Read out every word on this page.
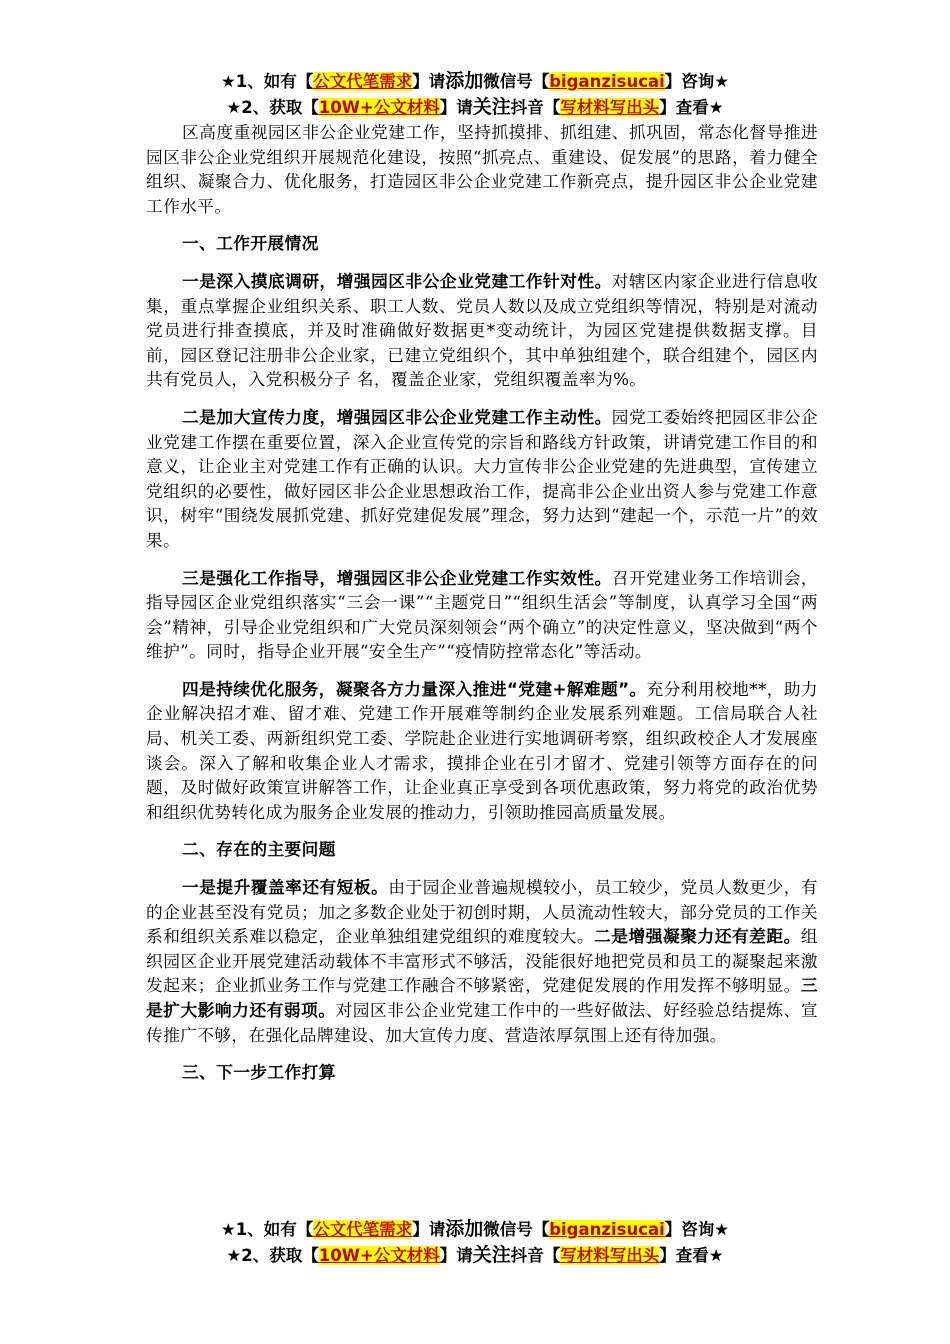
★1、如有【公文代笔需求】请添加微信号【biganzisucai】咨询★
★2、获取【10W+公文材料】请关注抖音【写材料写出头】查看★

区高度重视园区非公企业党建工作，坚持抓摸排、抓组建、抓巩固，常态化督导推进园区非公企业党组织开展规范化建设，按照“抓亮点、重建设、促发展”的思路，着力健全组织、凝聚合力、优化服务，打造园区非公企业党建工作新亮点，提升园区非公企业党建工作水平。

一、工作开展情况

一是深入摸底调研，增强园区非公企业党建工作针对性。对辖区内家企业进行信息收集，重点掌握企业组织关系、职工人数、党员人数以及成立党组织等情况，特别是对流动党员进行排查摸底，并及时准确做好数据更*变动统计，为园区党建提供数据支撑。目前，园区登记注册非公企业家，已建立党组织个，其中单独组建个，联合组建个，园区内共有党员人，入党积极分子 名，覆盖企业家，党组织覆盖率为%。

二是加大宣传力度，增强园区非公企业党建工作主动性。园党工委始终把园区非公企业党建工作摆在重要位置，深入企业宣传党的宗旨和路线方针政策，讲请党建工作目的和意义，让企业主对党建工作有正确的认识。大力宣传非公企业党建的先进典型，宣传建立党组织的必要性，做好园区非公企业思想政治工作，提高非公企业出资人参与党建工作意识，树牢“围绕发展抓党建、抓好党建促发展”理念，努力达到“建起一个，示范一片”的效果。

三是强化工作指导，增强园区非公企业党建工作实效性。召开党建业务工作培训会，指导园区企业党组织落实“三会一课”“主题党日”“组织生活会”等制度，认真学习全国“两会”精神，引导企业党组织和广大党员深刻领会“两个确立”的决定性意义，坚决做到“两个维护”。同时，指导企业开展“安全生产”“疫情防控常态化”等活动。

四是持续优化服务，凝聚各方力量深入推进“党建+解难题”。充分利用校地**，助力企业解决招才难、留才难、党建工作开展难等制约企业发展系列难题。工信局联合人社局、机关工委、两新组织党工委、学院赴企业进行实地调研考察，组织政校企人才发展座谈会。深入了解和收集企业人才需求，摸排企业在引才留才、党建引领等方面存在的问题，及时做好政策宣讲解答工作，让企业真正享受到各项优惠政策，努力将党的政治优势和组织优势转化成为服务企业发展的推动力，引领助推园高质量发展。

二、存在的主要问题

一是提升覆盖率还有短板。由于园企业普遍规模较小，员工较少，党员人数更少，有的企业甚至没有党员；加之多数企业处于初创时期，人员流动性较大，部分党员的工作关系和组织关系难以稳定，企业单独组建党组织的难度较大。二是增强凝聚力还有差距。组织园区企业开展党建活动载体不丰富形式不够活，没能很好地把党员和员工的凝聚起来激发起来；企业抓业务工作与党建工作融合不够紧密，党建促发展的作用发挥不够明显。三是扩大影响力还有弱项。对园区非公企业党建工作中的一些好做法、好经验总结提炼、宣传推广不够，在强化品牌建设、加大宣传力度、营造浓厚氛围上还有待加强。

三、下一步工作打算
★1、如有【公文代笔需求】请添加微信号【biganzisucai】咨询★
★2、获取【10W+公文材料】请关注抖音【写材料写出头】查看★
